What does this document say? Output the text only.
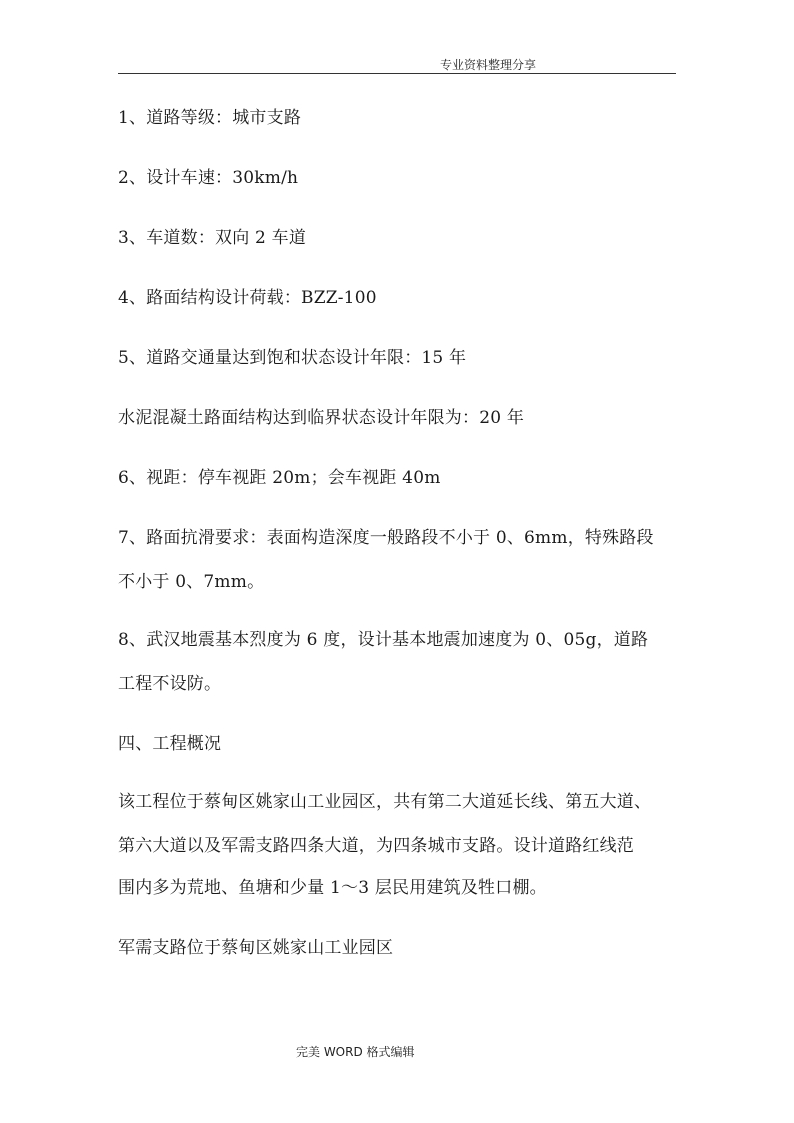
专业资料整理分享
1、道路等级：城市支路
2、设计车速：30km/h
3、车道数：双向 2 车道
4、路面结构设计荷载：BZZ-100
5、道路交通量达到饱和状态设计年限：15 年
水泥混凝土路面结构达到临界状态设计年限为：20 年
6、视距：停车视距 20m；会车视距 40m
7、路面抗滑要求：表面构造深度一般路段不小于 0、6mm，特殊路段
不小于 0、7mm。
8、武汉地震基本烈度为 6 度，设计基本地震加速度为 0、05g，道路
工程不设防。
四、工程概况
该工程位于蔡甸区姚家山工业园区，共有第二大道延长线、第五大道、
第六大道以及军需支路四条大道，为四条城市支路。设计道路红线范
围内多为荒地、鱼塘和少量 1～3 层民用建筑及牲口棚。
军需支路位于蔡甸区姚家山工业园区
完美 WORD 格式编辑
